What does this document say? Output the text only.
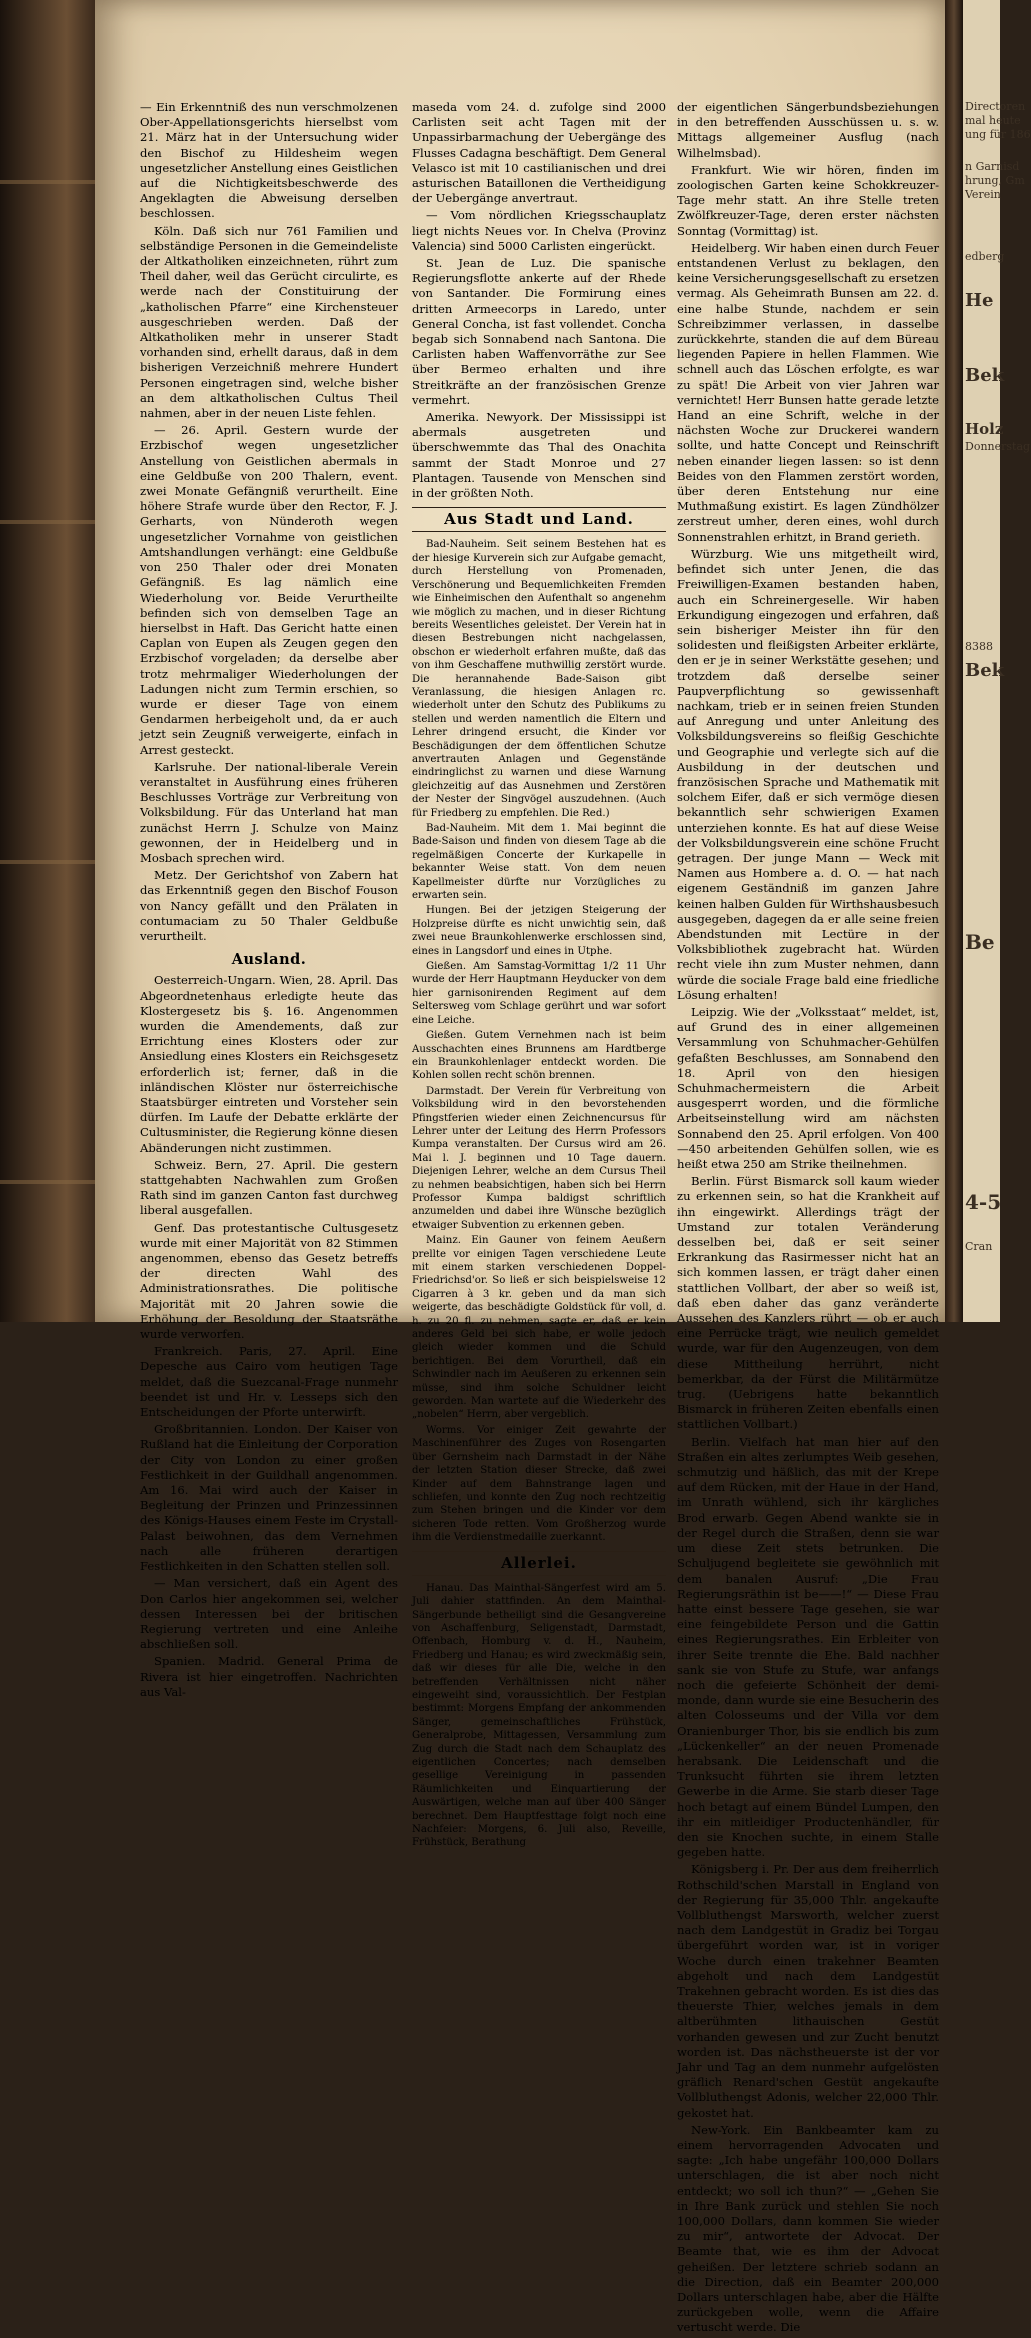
— Ein Erkenntniß des nun verschmolzenen Ober-Appellationsgerichts hierselbst vom 21. März hat in der Untersuchung wider den Bischof zu Hildesheim wegen ungesetzlicher Anstellung eines Geistlichen auf die Nichtigkeitsbeschwerde des Angeklagten die Abweisung derselben beschlossen.

Köln. Daß sich nur 761 Familien und selbständige Personen in die Gemeindeliste der Altkatholiken einzeichneten, rührt zum Theil daher, weil das Gerücht circulirte, es werde nach der Constituirung der „katholischen Pfarre“ eine Kirchensteuer ausgeschrieben werden. Daß der Altkatholiken mehr in unserer Stadt vorhanden sind, erhellt daraus, daß in dem bisherigen Verzeichniß mehrere Hundert Personen eingetragen sind, welche bisher an dem altkatholischen Cultus Theil nahmen, aber in der neuen Liste fehlen.

— 26. April. Gestern wurde der Erzbischof wegen ungesetzlicher Anstellung von Geistlichen abermals in eine Geldbuße von 200 Thalern, event. zwei Monate Gefängniß verurtheilt. Eine höhere Strafe wurde über den Rector, F. J. Gerharts, von Nünderoth wegen ungesetzlicher Vornahme von geistlichen Amtshandlungen verhängt: eine Geldbuße von 250 Thaler oder drei Monaten Gefängniß. Es lag nämlich eine Wiederholung vor. Beide Verurtheilte befinden sich von demselben Tage an hierselbst in Haft. Das Gericht hatte einen Caplan von Eupen als Zeugen gegen den Erzbischof vorgeladen; da derselbe aber trotz mehrmaliger Wiederholungen der Ladungen nicht zum Termin erschien, so wurde er dieser Tage von einem Gendarmen herbeigeholt und, da er auch jetzt sein Zeugniß verweigerte, einfach in Arrest gesteckt.

Karlsruhe. Der national-liberale Verein veranstaltet in Ausführung eines früheren Beschlusses Vorträge zur Verbreitung von Volksbildung. Für das Unterland hat man zunächst Herrn J. Schulze von Mainz gewonnen, der in Heidelberg und in Mosbach sprechen wird.

Metz. Der Gerichtshof von Zabern hat das Erkenntniß gegen den Bischof Fouson von Nancy gefällt und den Prälaten in contumaciam zu 50 Thaler Geldbuße verurtheilt.

Ausland.

Oesterreich-Ungarn. Wien, 28. April. Das Abgeordnetenhaus erledigte heute das Klostergesetz bis §. 16. Angenommen wurden die Amendements, daß zur Errichtung eines Klosters oder zur Ansiedlung eines Klosters ein Reichsgesetz erforderlich ist; ferner, daß in die inländischen Klöster nur österreichische Staatsbürger eintreten und Vorsteher sein dürfen. Im Laufe der Debatte erklärte der Cultusminister, die Regierung könne diesen Abänderungen nicht zustimmen.

Schweiz. Bern, 27. April. Die gestern stattgehabten Nachwahlen zum Großen Rath sind im ganzen Canton fast durchweg liberal ausgefallen.

Genf. Das protestantische Cultusgesetz wurde mit einer Majorität von 82 Stimmen angenommen, ebenso das Gesetz betreffs der directen Wahl des Administrationsrathes. Die politische Majorität mit 20 Jahren sowie die Erhöhung der Besoldung der Staatsräthe wurde verworfen.

Frankreich. Paris, 27. April. Eine Depesche aus Cairo vom heutigen Tage meldet, daß die Suezcanal-Frage nunmehr beendet ist und Hr. v. Lesseps sich den Entscheidungen der Pforte unterwirft.

Großbritannien. London. Der Kaiser von Rußland hat die Einleitung der Corporation der City von London zu einer großen Festlichkeit in der Guildhall angenommen. Am 16. Mai wird auch der Kaiser in Begleitung der Prinzen und Prinzessinnen des Königs-Hauses einem Feste im Crystall-Palast beiwohnen, das dem Vernehmen nach alle früheren derartigen Festlichkeiten in den Schatten stellen soll.

— Man versichert, daß ein Agent des Don Carlos hier angekommen sei, welcher dessen Interessen bei der britischen Regierung vertreten und eine Anleihe abschließen soll.

Spanien. Madrid. General Prima de Rivera ist hier eingetroffen. Nachrichten aus Val-

maseda vom 24. d. zufolge sind 2000 Carlisten seit acht Tagen mit der Unpassirbarmachung der Uebergänge des Flusses Cadagna beschäftigt. Dem General Velasco ist mit 10 castilianischen und drei asturischen Bataillonen die Vertheidigung der Uebergänge anvertraut.

— Vom nördlichen Kriegsschauplatz liegt nichts Neues vor. In Chelva (Provinz Valencia) sind 5000 Carlisten eingerückt.

St. Jean de Luz. Die spanische Regierungsflotte ankerte auf der Rhede von Santander. Die Formirung eines dritten Armeecorps in Laredo, unter General Concha, ist fast vollendet. Concha begab sich Sonnabend nach Santona. Die Carlisten haben Waffenvorräthe zur See über Bermeo erhalten und ihre Streitkräfte an der französischen Grenze vermehrt.

Amerika. Newyork. Der Mississippi ist abermals ausgetreten und überschwemmte das Thal des Onachita sammt der Stadt Monroe und 27 Plantagen. Tausende von Menschen sind in der größten Noth.

Aus Stadt und Land.

Bad-Nauheim. Seit seinem Bestehen hat es der hiesige Kurverein sich zur Aufgabe gemacht, durch Herstellung von Promenaden, Verschönerung und Bequemlichkeiten Fremden wie Einheimischen den Aufenthalt so angenehm wie möglich zu machen, und in dieser Richtung bereits Wesentliches geleistet. Der Verein hat in diesen Bestrebungen nicht nachgelassen, obschon er wiederholt erfahren mußte, daß das von ihm Geschaffene muthwillig zerstört wurde. Die herannahende Bade-Saison gibt Veranlassung, die hiesigen Anlagen rc. wiederholt unter den Schutz des Publikums zu stellen und werden namentlich die Eltern und Lehrer dringend ersucht, die Kinder vor Beschädigungen der dem öffentlichen Schutze anvertrauten Anlagen und Gegenstände eindringlichst zu warnen und diese Warnung gleichzeitig auf das Ausnehmen und Zerstören der Nester der Singvögel auszudehnen. (Auch für Friedberg zu empfehlen. Die Red.)

Bad-Nauheim. Mit dem 1. Mai beginnt die Bade-Saison und finden von diesem Tage ab die regelmäßigen Concerte der Kurkapelle in bekannter Weise statt. Von dem neuen Kapellmeister dürfte nur Vorzügliches zu erwarten sein.

Hungen. Bei der jetzigen Steigerung der Holzpreise dürfte es nicht unwichtig sein, daß zwei neue Braunkohlenwerke erschlossen sind, eines in Langsdorf und eines in Utphe.

Gießen. Am Samstag-Vormittag 1/2 11 Uhr wurde der Herr Hauptmann Heyducker von dem hier garnisonirenden Regiment auf dem Seltersweg vom Schlage gerührt und war sofort eine Leiche.

Gießen. Gutem Vernehmen nach ist beim Ausschachten eines Brunnens am Hardtberge ein Braunkohlenlager entdeckt worden. Die Kohlen sollen recht schön brennen.

Darmstadt. Der Verein für Verbreitung von Volksbildung wird in den bevorstehenden Pfingstferien wieder einen Zeichnencursus für Lehrer unter der Leitung des Herrn Professors Kumpa veranstalten. Der Cursus wird am 26. Mai l. J. beginnen und 10 Tage dauern. Diejenigen Lehrer, welche an dem Cursus Theil zu nehmen beabsichtigen, haben sich bei Herrn Professor Kumpa baldigst schriftlich anzumelden und dabei ihre Wünsche bezüglich etwaiger Subvention zu erkennen geben.

Mainz. Ein Gauner von feinem Aeußern prellte vor einigen Tagen verschiedene Leute mit einem starken verschiedenen Doppel-Friedrichsd'or. So ließ er sich beispielsweise 12 Cigarren à 3 kr. geben und da man sich weigerte, das beschädigte Goldstück für voll, d. h. zu 20 fl. zu nehmen, sagte er, daß er kein anderes Geld bei sich habe, er wolle jedoch gleich wieder kommen und die Schuld berichtigen. Bei dem Vorurtheil, daß ein Schwindler nach im Aeußeren zu erkennen sein müsse, sind ihm solche Schuldner leicht geworden. Man wartete auf die Wiederkehr des „nobelen“ Herrn, aber vergeblich.

Worms. Vor einiger Zeit gewahrte der Maschinenführer des Zuges von Rosengarten über Gernsheim nach Darmstadt in der Nähe der letzten Station dieser Strecke, daß zwei Kinder auf dem Bahnstrange lagen und schliefen, und konnte den Zug noch rechtzeitig zum Stehen bringen und die Kinder vor dem sicheren Tode retten. Vom Großherzog wurde ihm die Verdienstmedaille zuerkannt.

Allerlei.

Hanau. Das Mainthal-Sängerfest wird am 5. Juli dahier stattfinden. An dem Mainthal-Sängerbunde betheiligt sind die Gesangvereine von Aschaffenburg, Seligenstadt, Darmstadt, Offenbach, Homburg v. d. H., Nauheim, Friedberg und Hanau; es wird zweckmäßig sein, daß wir dieses für alle Die, welche in den betreffenden Verhältnissen nicht näher eingeweiht sind, voraussichtlich. Der Festplan bestimmt: Morgens Empfang der ankommenden Sänger, gemeinschaftliches Frühstück, Generalprobe, Mittagessen, Versammlung zum Zug durch die Stadt nach dem Schauplatz des eigentlichen Concertes; nach demselben gesellige Vereinigung in passenden Räumlichkeiten und Einquartierung der Auswärtigen, welche man auf über 400 Sänger berechnet. Dem Hauptfesttage folgt noch eine Nachfeier: Morgens, 6. Juli also, Reveille, Frühstück, Berathung

der eigentlichen Sängerbundsbeziehungen in den betreffenden Ausschüssen u. s. w. Mittags allgemeiner Ausflug (nach Wilhelmsbad).

Frankfurt. Wie wir hören, finden im zoologischen Garten keine Schokkreuzer-Tage mehr statt. An ihre Stelle treten Zwölfkreuzer-Tage, deren erster nächsten Sonntag (Vormittag) ist.

Heidelberg. Wir haben einen durch Feuer entstandenen Verlust zu beklagen, den keine Versicherungsgesellschaft zu ersetzen vermag. Als Geheimrath Bunsen am 22. d. eine halbe Stunde, nachdem er sein Schreibzimmer verlassen, in dasselbe zurückkehrte, standen die auf dem Büreau liegenden Papiere in hellen Flammen. Wie schnell auch das Löschen erfolgte, es war zu spät! Die Arbeit von vier Jahren war vernichtet! Herr Bunsen hatte gerade letzte Hand an eine Schrift, welche in der nächsten Woche zur Druckerei wandern sollte, und hatte Concept und Reinschrift neben einander liegen lassen: so ist denn Beides von den Flammen zerstört worden, über deren Entstehung nur eine Muthmaßung existirt. Es lagen Zündhölzer zerstreut umher, deren eines, wohl durch Sonnenstrahlen erhitzt, in Brand gerieth.

Würzburg. Wie uns mitgetheilt wird, befindet sich unter Jenen, die das Freiwilligen-Examen bestanden haben, auch ein Schreinergeselle. Wir haben Erkundigung eingezogen und erfahren, daß sein bisheriger Meister ihn für den solidesten und fleißigsten Arbeiter erklärte, den er je in seiner Werkstätte gesehen; und trotzdem daß derselbe seiner Paupverpflichtung so gewissenhaft nachkam, trieb er in seinen freien Stunden auf Anregung und unter Anleitung des Volksbildungsvereins so fleißig Geschichte und Geographie und verlegte sich auf die Ausbildung in der deutschen und französischen Sprache und Mathematik mit solchem Eifer, daß er sich vermöge diesen bekanntlich sehr schwierigen Examen unterziehen konnte. Es hat auf diese Weise der Volksbildungsverein eine schöne Frucht getragen. Der junge Mann — Weck mit Namen aus Hombere a. d. O. — hat nach eigenem Geständniß im ganzen Jahre keinen halben Gulden für Wirthshausbesuch ausgegeben, dagegen da er alle seine freien Abendstunden mit Lectüre in der Volksbibliothek zugebracht hat. Würden recht viele ihn zum Muster nehmen, dann würde die sociale Frage bald eine friedliche Lösung erhalten!

Leipzig. Wie der „Volksstaat“ meldet, ist, auf Grund des in einer allgemeinen Versammlung von Schuhmacher-Gehülfen gefaßten Beschlusses, am Sonnabend den 18. April von den hiesigen Schuhmachermeistern die Arbeit ausgesperrt worden, und die förmliche Arbeitseinstellung wird am nächsten Sonnabend den 25. April erfolgen. Von 400—450 arbeitenden Gehülfen sollen, wie es heißt etwa 250 am Strike theilnehmen.

Berlin. Fürst Bismarck soll kaum wieder zu erkennen sein, so hat die Krankheit auf ihn eingewirkt. Allerdings trägt der Umstand zur totalen Veränderung desselben bei, daß er seit seiner Erkrankung das Rasirmesser nicht hat an sich kommen lassen, er trägt daher einen stattlichen Vollbart, der aber so weiß ist, daß eben daher das ganz veränderte Aussehen des Kanzlers rührt — ob er auch eine Perrücke trägt, wie neulich gemeldet wurde, war für den Augenzeugen, von dem diese Mittheilung herrührt, nicht bemerkbar, da der Fürst die Militärmütze trug. (Uebrigens hatte bekanntlich Bismarck in früheren Zeiten ebenfalls einen stattlichen Vollbart.)

Berlin. Vielfach hat man hier auf den Straßen ein altes zerlumptes Weib gesehen, schmutzig und häßlich, das mit der Krepe auf dem Rücken, mit der Haue in der Hand, im Unrath wühlend, sich ihr kärgliches Brod erwarb. Gegen Abend wankte sie in der Regel durch die Straßen, denn sie war um diese Zeit stets betrunken. Die Schuljugend begleitete sie gewöhnlich mit dem banalen Ausruf: „Die Frau Regierungsräthin ist be——!“ — Diese Frau hatte einst bessere Tage gesehen, sie war eine feingebildete Person und die Gattin eines Regierungsrathes. Ein Erbleiter von ihrer Seite trennte die Ehe. Bald nachher sank sie von Stufe zu Stufe, war anfangs noch die gefeierte Schönheit der demi-monde, dann wurde sie eine Besucherin des alten Colosseums und der Villa vor dem Oranienburger Thor, bis sie endlich bis zum „Lückenkeller“ an der neuen Promenade herabsank. Die Leidenschaft und die Trunksucht führten sie ihrem letzten Gewerbe in die Arme. Sie starb dieser Tage hoch betagt auf einem Bündel Lumpen, den ihr ein mitleidiger Productenhändler, für den sie Knochen suchte, in einem Stalle gegeben hatte.

Königsberg i. Pr. Der aus dem freiherrlich Rothschild'schen Marstall in England von der Regierung für 35,000 Thlr. angekaufte Vollbluthengst Marsworth, welcher zuerst nach dem Landgestüt in Gradiz bei Torgau übergeführt worden war, ist in voriger Woche durch einen trakehner Beamten abgeholt und nach dem Landgestüt Trakehnen gebracht worden. Es ist dies das theuerste Thier, welches jemals in dem altberühmten lithauischen Gestüt vorhanden gewesen und zur Zucht benutzt worden ist. Das nächstheuerste ist der vor Jahr und Tag an dem nunmehr aufgelösten gräflich Renard'schen Gestüt angekaufte Vollbluthengst Adonis, welcher 22,000 Thlr. gekostet hat.

New-York. Ein Bankbeamter kam zu einem hervorragenden Advocaten und sagte: „Ich habe ungefähr 100,000 Dollars unterschlagen, die ist aber noch nicht entdeckt; wo soll ich thun?“ — „Gehen Sie in Ihre Bank zurück und stehlen Sie noch 100,000 Dollars, dann kommen Sie wieder zu mir“, antwortete der Advocat. Der Beamte that, wie es ihm der Advocat geheißen. Der letztere schrieb sodann an die Direction, daß ein Beamter 200,000 Dollars unterschlagen habe, aber die Hälfte zurückgeben wolle, wenn die Affaire vertuscht werde. Die

Directoren
mal heute
ung für 186
n Garnisd
hrung, Gm
Verein
edberg
He
Bek
Holz
Donnerstag
8388
Bek
Be
4-5
Cran
